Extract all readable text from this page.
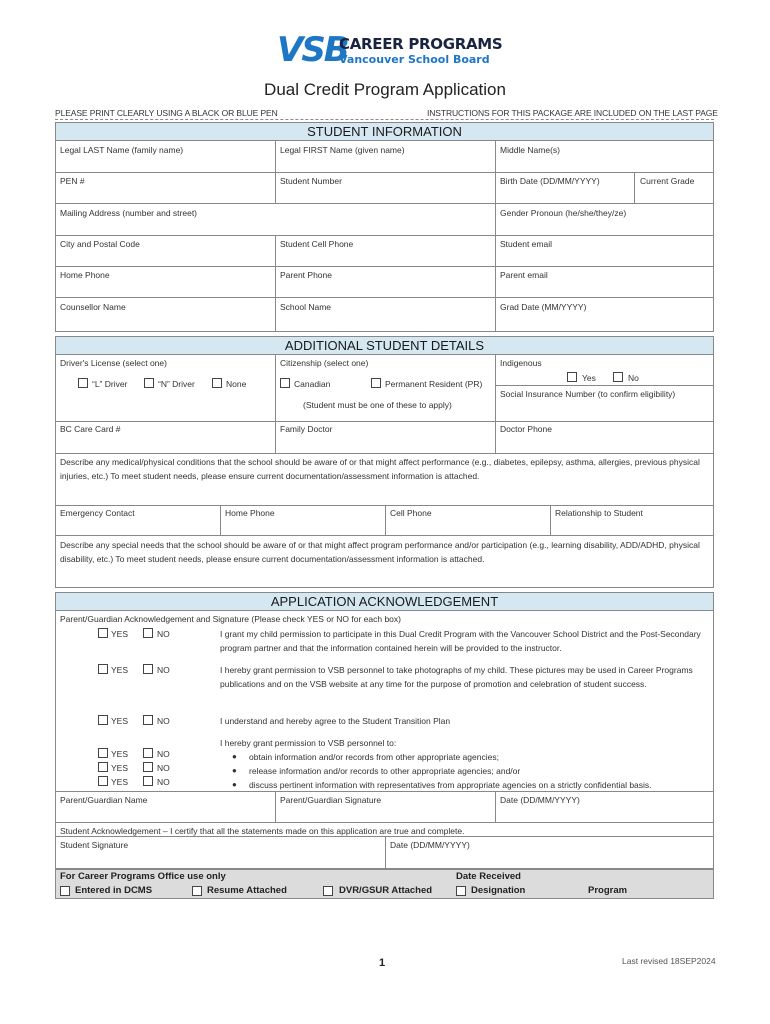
VSB
CAREER PROGRAMS
Vancouver School Board
Dual Credit Program Application
PLEASE PRINT CLEARLY USING A BLACK OR BLUE PEN	INSTRUCTIONS FOR THIS PACKAGE ARE INCLUDED ON THE LAST PAGE
STUDENT INFORMATION
Legal LAST Name (family name)	Legal FIRST Name (given name)	Middle Name(s)
PEN #	Student Number	Birth Date (DD/MM/YYYY)	Current Grade
Mailing Address (number and street)	Gender Pronoun (he/she/they/ze)
City and Postal Code	Student Cell Phone	Student email
Home Phone	Parent Phone	Parent email
Counsellor Name	School Name	Grad Date (MM/YYYY)
ADDITIONAL STUDENT DETAILS
Driver's License (select one)
“L” Driver	“N” Driver	None
Citizenship (select one)
Canadian	Permanent Resident (PR)
(Student must be one of these to apply)
Indigenous
Yes	No
Social Insurance Number (to confirm eligibility)
BC Care Card #	Family Doctor	Doctor Phone
Describe any medical/physical conditions that the school should be aware of or that might affect performance (e.g., diabetes, epilepsy, asthma, allergies, previous physical injuries, etc.) To meet student needs, please ensure current documentation/assessment information is attached.
Emergency Contact	Home Phone	Cell Phone	Relationship to Student
Describe any special needs that the school should be aware of or that might affect program performance and/or participation (e.g., learning disability, ADD/ADHD, physical disability, etc.) To meet student needs, please ensure current documentation/assessment information is attached.
APPLICATION ACKNOWLEDGEMENT
Parent/Guardian Acknowledgement and Signature (Please check YES or NO for each box)
YES	NO	I grant my child permission to participate in this Dual Credit Program with the Vancouver School District and the Post-Secondary program partner and that the information contained herein will be provided to the instructor.
YES	NO	I hereby grant permission to VSB personnel to take photographs of my child. These pictures may be used in Career Programs publications and on the VSB website at any time for the purpose of promotion and celebration of student success.
YES	NO	I understand and hereby agree to the Student Transition Plan
I hereby grant permission to VSB personnel to:
YES	NO
YES	NO
YES	NO
● obtain information and/or records from other appropriate agencies;
● release information and/or records to other appropriate agencies; and/or
● discuss pertinent information with representatives from appropriate agencies on a strictly confidential basis.
Parent/Guardian Name	Parent/Guardian Signature	Date (DD/MM/YYYY)
Student Acknowledgement – I certify that all the statements made on this application are true and complete.
Student Signature	Date (DD/MM/YYYY)
For Career Programs Office use only	Date Received
Entered in DCMS	Resume Attached	DVR/GSUR Attached	Designation	Program
1	Last revised 18SEP2024
